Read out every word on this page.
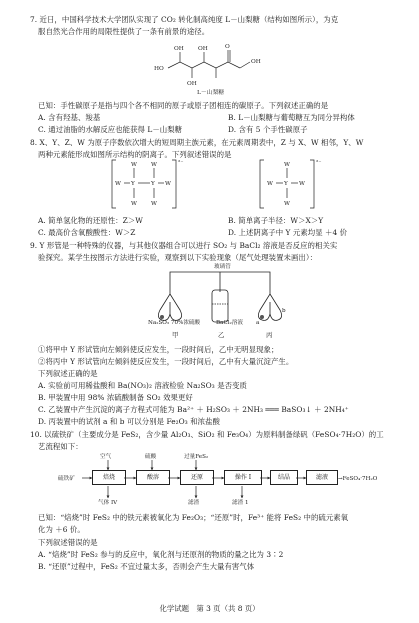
7. 近日，中国科学技术大学团队实现了 CO₂ 转化制高纯度 L－山梨糖（结构如图所示），为克
服自然光合作用的局限性提供了一条有前景的途径。
HO
OH
OH
OH	O
OH
L－山梨糖
已知：手性碳原子是指与四个各不相同的原子或原子团相连的碳原子。下列叙述正确的是
A. 含有羟基、羧基	B. L－山梨糖与葡萄糖互为同分异构体
C. 通过油脂的水解反应也能获得 L－山梨糖	D. 含有 5 个手性碳原子
8. X、Y、Z、W 为原子序数依次增大的短周期主族元素，在元素周期表中，Z 与 X、W 相邻，Y、W
两种元素能形成如图所示结构的阴离子。下列叙述错误的是
W W
W Y	Y W
W W
²⁻	W
W Y W
W
²⁻
A. 简单氢化物的还原性：Z＞W	B. 简单离子半径：W＞X＞Y
C. 最高价含氧酸酸性：W＞Z	D. 上述阴离子中 Y 元素均显 ＋4 价
9. Y 形管是一种特殊的仪器，与其他仪器组合可以进行 SO₂ 与 BaCl₂ 溶液是否反应的相关实
验探究。某学生按图示方法进行实验，观察到以下实验现象（尾气处理装置未画出）：
玻璃管
Na₂SO₃ 70%浓硫酸	BaCl₂溶液 a
b
甲	乙	丙
①将甲中 Y 形试管向左倾斜使反应发生，一段时间后，乙中无明显现象；
②将丙中 Y 形试管向左倾斜使反应发生，一段时间后，乙中有大量沉淀产生。
下列叙述正确的是
A. 实验前可用稀盐酸和 Ba(NO₃)₂ 溶液检验 Na₂SO₃ 是否变质
B. 甲装置中用 98% 浓硫酸制备 SO₂ 效果更好
C. 乙装置中产生沉淀的离子方程式可能为 Ba²⁺ ＋ H₂SO₃ ＋ 2NH₃ ═══ BaSO₃↓ ＋ 2NH₄⁺
D. 丙装置中的试剂 a 和 b 可以分别是 Fe₂O₃ 和浓盐酸
10. 以硫铁矿（主要成分是 FeS₂，含少量 Al₂O₃、SiO₂ 和 Fe₃O₄）为原料制备绿矾（FeSO₄·7H₂O）的工
艺流程如下：
空气	硫酸	过量FeS₂
硫铁矿	焙烧	酸溶	还原	操作 I	结晶	滤液	→FeSO₄·7H₂O
气体 IV	滤渣	滤渣 1
已知：“焙烧”时 FeS₂ 中的铁元素被氧化为 Fe₂O₃；“还原”时，Fe³⁺ 能将 FeS₂ 中的硫元素氧
化为 ＋6 价。
下列叙述错误的是
A. “焙烧”时 FeS₂ 参与的反应中，氧化剂与还原剂的物质的量之比为 3∶2
B. “还原”过程中，FeS₂ 不宜过量太多，否则会产生大量有害气体
化学试题　第 3 页（共 8 页）
